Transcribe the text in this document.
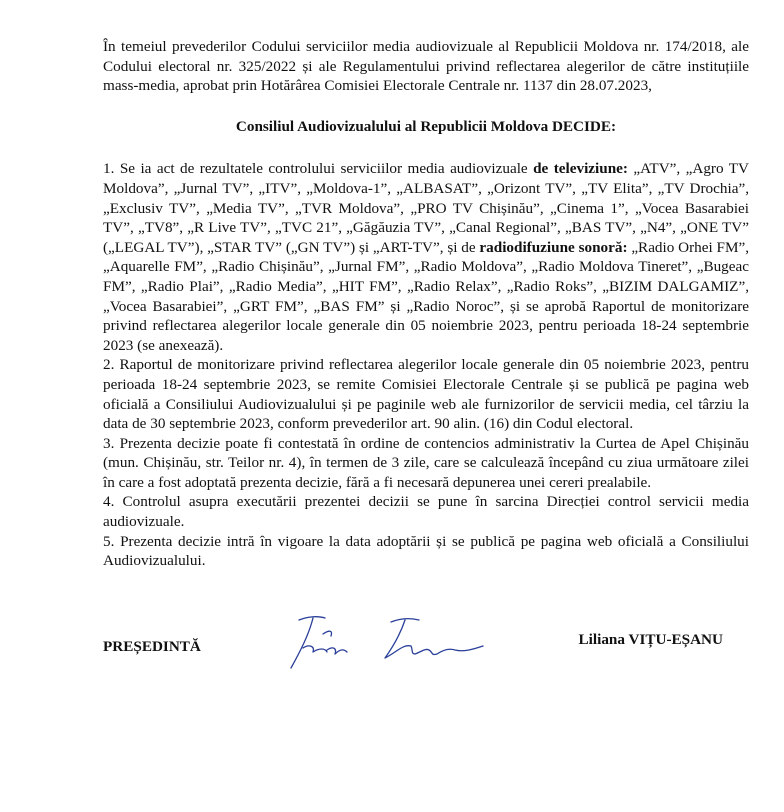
În temeiul prevederilor Codului serviciilor media audiovizuale al Republicii Moldova nr. 174/2018, ale Codului electoral nr. 325/2022 și ale Regulamentului privind reflectarea alegerilor de către instituțiile mass-media, aprobat prin Hotărârea Comisiei Electorale Centrale nr. 1137 din 28.07.2023,

Consiliul Audiovizualului al Republicii Moldova DECIDE:

1. Se ia act de rezultatele controlului serviciilor media audiovizuale de televiziune: „ATV”, „Agro TV Moldova”, „Jurnal TV”, „ITV”, „Moldova-1”, „ALBASAT”, „Orizont TV”, „TV Elita”, „TV Drochia”, „Exclusiv TV”, „Media TV”, „TVR Moldova”, „PRO TV Chișinău”, „Cinema 1”, „Vocea Basarabiei TV”, „TV8”, „R Live TV”, „TVC 21”, „Găgăuzia TV”, „Canal Regional”, „BAS TV”, „N4”, „ONE TV” („LEGAL TV”), „STAR TV” („GN TV”) și „ART-TV”, și de radiodifuziune sonoră: „Radio Orhei FM”, „Aquarelle FM”, „Radio Chișinău”, „Jurnal FM”, „Radio Moldova”, „Radio Moldova Tineret”, „Bugeac FM”, „Radio Plai”, „Radio Media”, „HIT FM”, „Radio Relax”, „Radio Roks”, „BIZIM DALGAMIZ”, „Vocea Basarabiei”, „GRT FM”, „BAS FM” și „Radio Noroc”, și se aprobă Raportul de monitorizare privind reflectarea alegerilor locale generale din 05 noiembrie 2023, pentru perioada 18-24 septembrie 2023 (se anexează).

2. Raportul de monitorizare privind reflectarea alegerilor locale generale din 05 noiembrie 2023, pentru perioada 18-24 septembrie 2023, se remite Comisiei Electorale Centrale și se publică pe pagina web oficială a Consiliului Audiovizualului și pe paginile web ale furnizorilor de servicii media, cel târziu la data de 30 septembrie 2023, conform prevederilor art. 90 alin. (16) din Codul electoral.

3. Prezenta decizie poate fi contestată în ordine de contencios administrativ la Curtea de Apel Chișinău (mun. Chișinău, str. Teilor nr. 4), în termen de 3 zile, care se calculează începând cu ziua următoare zilei în care a fost adoptată prezenta decizie, fără a fi necesară depunerea unei cereri prealabile.

4. Controlul asupra executării prezentei decizii se pune în sarcina Direcției control servicii media audiovizuale.

5. Prezenta decizie intră în vigoare la data adoptării și se publică pe pagina web oficială a Consiliului Audiovizualului.

PREȘEDINTĂ	Liliana VIȚU-EȘANU
